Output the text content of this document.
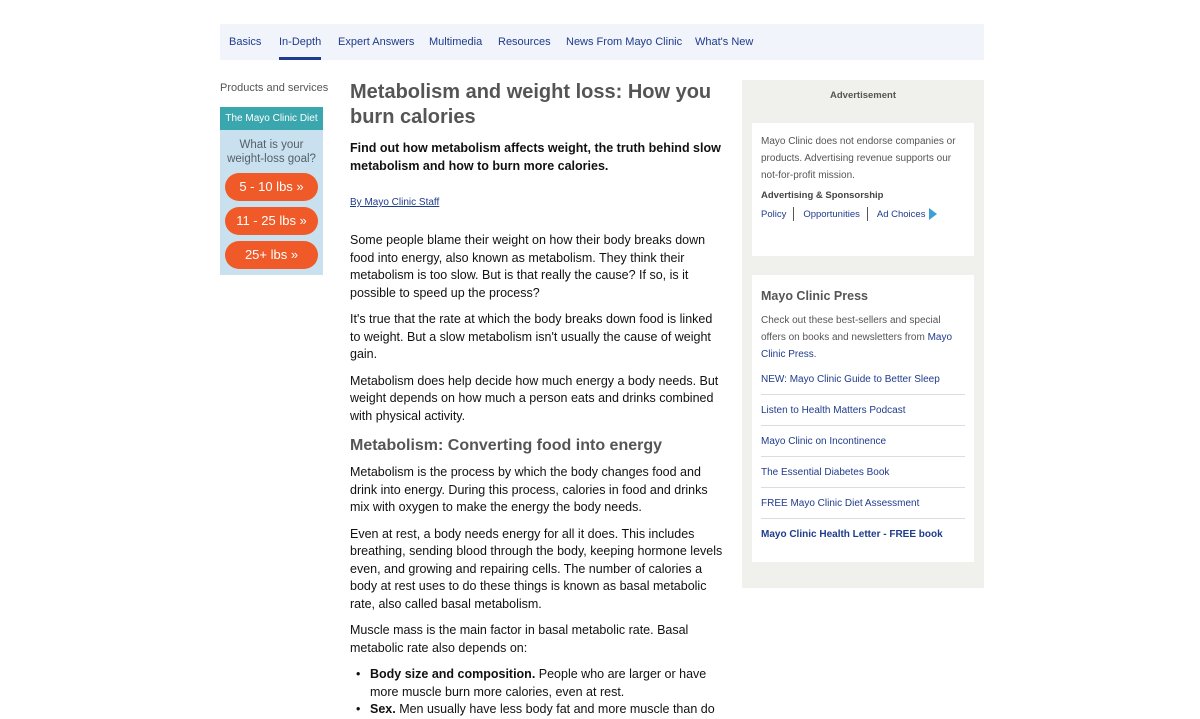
Basics In-Depth Expert Answers Multimedia Resources News From Mayo Clinic What's New
Products and services
The Mayo Clinic Diet
What is your
weight-loss goal?
5 - 10 lbs »
11 - 25 lbs »
25+ lbs »
Metabolism and weight loss: How you burn calories
Find out how metabolism affects weight, the truth behind slow metabolism and how to burn more calories.
By Mayo Clinic Staff

Some people blame their weight on how their body breaks down food into energy, also known as metabolism. They think their metabolism is too slow. But is that really the cause? If so, is it possible to speed up the process?

It's true that the rate at which the body breaks down food is linked to weight. But a slow metabolism isn't usually the cause of weight gain.

Metabolism does help decide how much energy a body needs. But weight depends on how much a person eats and drinks combined with physical activity.

Metabolism: Converting food into energy

Metabolism is the process by which the body changes food and drink into energy. During this process, calories in food and drinks mix with oxygen to make the energy the body needs.

Even at rest, a body needs energy for all it does. This includes breathing, sending blood through the body, keeping hormone levels even, and growing and repairing cells. The number of calories a body at rest uses to do these things is known as basal metabolic rate, also called basal metabolism.

Muscle mass is the main factor in basal metabolic rate. Basal metabolic rate also depends on:

• Body size and composition. People who are larger or have more muscle burn more calories, even at rest.
• Sex. Men usually have less body fat and more muscle than do
Advertisement
Mayo Clinic does not endorse companies or products. Advertising revenue supports our not-for-profit mission.
Advertising & Sponsorship
Policy Opportunities Ad Choices
Mayo Clinic Press
Check out these best-sellers and special offers on books and newsletters from Mayo Clinic Press.
NEW: Mayo Clinic Guide to Better Sleep
Listen to Health Matters Podcast
Mayo Clinic on Incontinence
The Essential Diabetes Book
FREE Mayo Clinic Diet Assessment
Mayo Clinic Health Letter - FREE book
